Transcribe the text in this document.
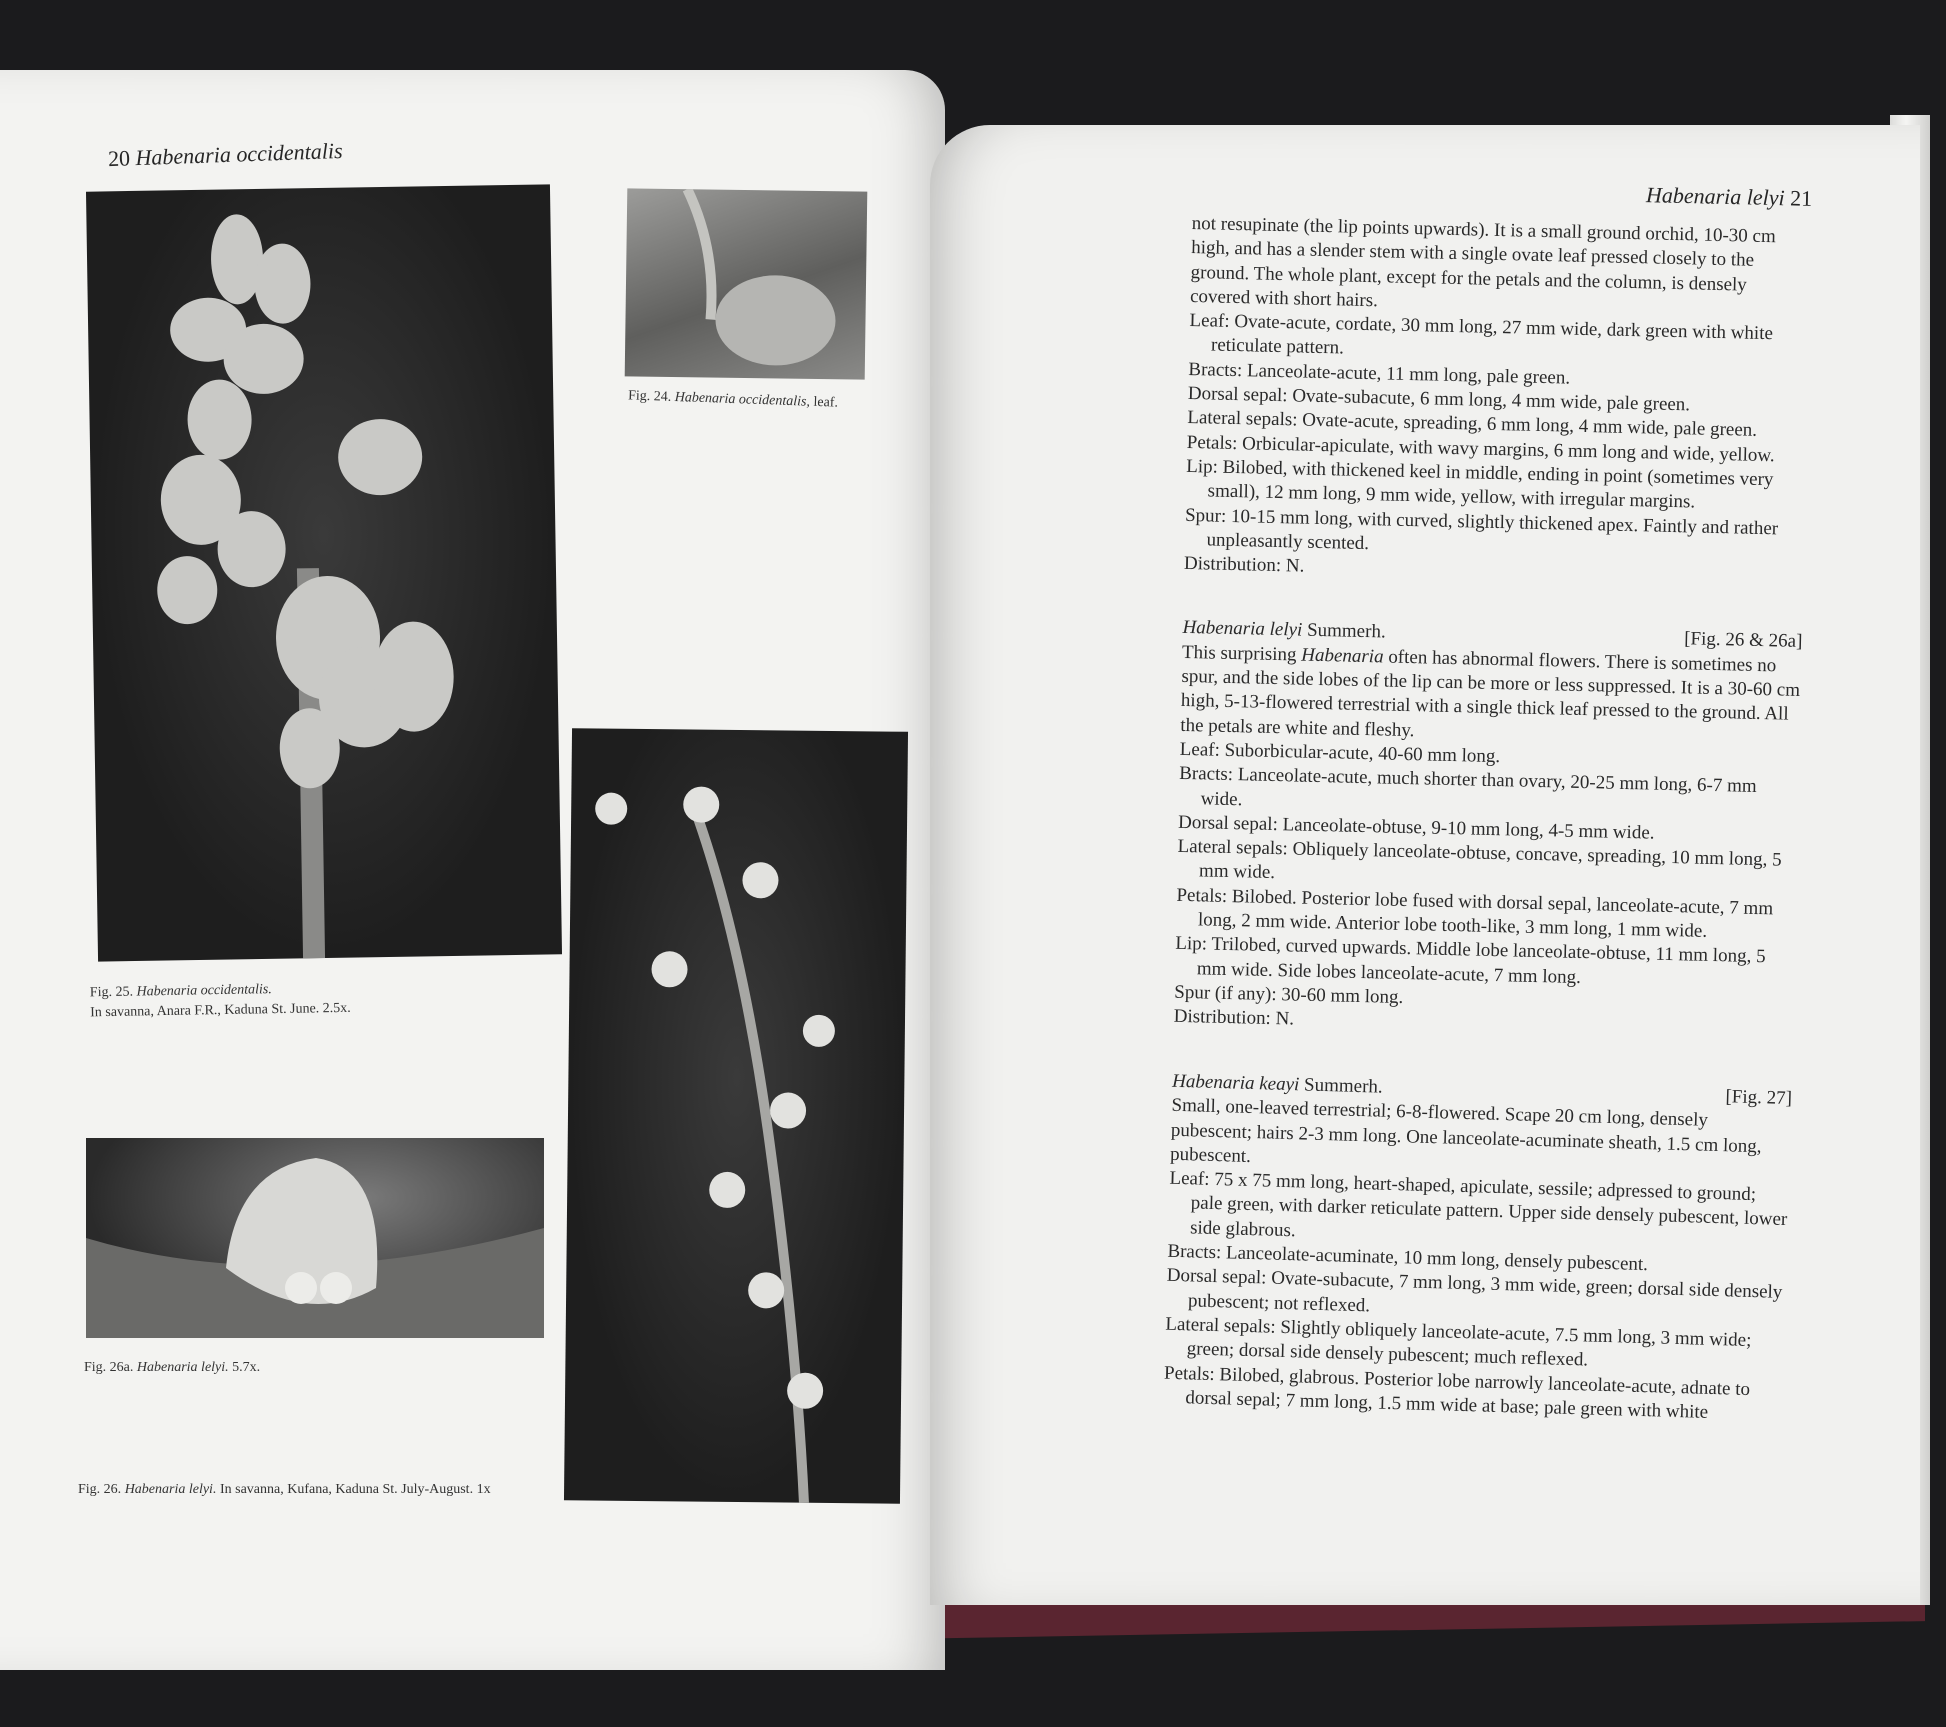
20 Habenaria occidentalis
Fig. 25. Habenaria occidentalis.
In savanna, Anara F.R., Kaduna St. June. 2.5x.
Fig. 24. Habenaria occidentalis, leaf.
Fig. 26a. Habenaria lelyi. 5.7x.
Fig. 26. Habenaria lelyi. In savanna, Kufana, Kaduna St. July-August. 1x
Habenaria lelyi 21

not resupinate (the lip points upwards). It is a small ground orchid, 10-30 cm high, and has a slender stem with a single ovate leaf pressed closely to the ground. The whole plant, except for the petals and the column, is densely covered with short hairs.

Leaf: Ovate-acute, cordate, 30 mm long, 27 mm wide, dark green with white reticulate pattern.

Bracts: Lanceolate-acute, 11 mm long, pale green.

Dorsal sepal: Ovate-subacute, 6 mm long, 4 mm wide, pale green.

Lateral sepals: Ovate-acute, spreading, 6 mm long, 4 mm wide, pale green.

Petals: Orbicular-apiculate, with wavy margins, 6 mm long and wide, yellow.

Lip: Bilobed, with thickened keel in middle, ending in point (sometimes very small), 12 mm long, 9 mm wide, yellow, with irregular margins.

Spur: 10-15 mm long, with curved, slightly thickened apex. Faintly and rather unpleasantly scented.

Distribution: N.

Habenaria lelyi Summerh.	[Fig. 26 & 26a]

This surprising Habenaria often has abnormal flowers. There is sometimes no spur, and the side lobes of the lip can be more or less suppressed. It is a 30-60 cm high, 5-13-flowered terrestrial with a single thick leaf pressed to the ground. All the petals are white and fleshy.

Leaf: Suborbicular-acute, 40-60 mm long.

Bracts: Lanceolate-acute, much shorter than ovary, 20-25 mm long, 6-7 mm wide.

Dorsal sepal: Lanceolate-obtuse, 9-10 mm long, 4-5 mm wide.

Lateral sepals: Obliquely lanceolate-obtuse, concave, spreading, 10 mm long, 5 mm wide.

Petals: Bilobed. Posterior lobe fused with dorsal sepal, lanceolate-acute, 7 mm long, 2 mm wide. Anterior lobe tooth-like, 3 mm long, 1 mm wide.

Lip: Trilobed, curved upwards. Middle lobe lanceolate-obtuse, 11 mm long, 5 mm wide. Side lobes lanceolate-acute, 7 mm long.

Spur (if any): 30-60 mm long.

Distribution: N.

Habenaria keayi Summerh.
[Fig. 27]

Small, one-leaved terrestrial; 6-8-flowered. Scape 20 cm long, densely pubescent; hairs 2-3 mm long. One lanceolate-acuminate sheath, 1.5 cm long, pubescent.

Leaf: 75 x 75 mm long, heart-shaped, apiculate, sessile; adpressed to ground; pale green, with darker reticulate pattern. Upper side densely pubescent, lower side glabrous.

Bracts: Lanceolate-acuminate, 10 mm long, densely pubescent.

Dorsal sepal: Ovate-subacute, 7 mm long, 3 mm wide, green; dorsal side densely pubescent; not reflexed.

Lateral sepals: Slightly obliquely lanceolate-acute, 7.5 mm long, 3 mm wide; green; dorsal side densely pubescent; much reflexed.

Petals: Bilobed, glabrous. Posterior lobe narrowly lanceolate-acute, adnate to dorsal sepal; 7 mm long, 1.5 mm wide at base; pale green with white
